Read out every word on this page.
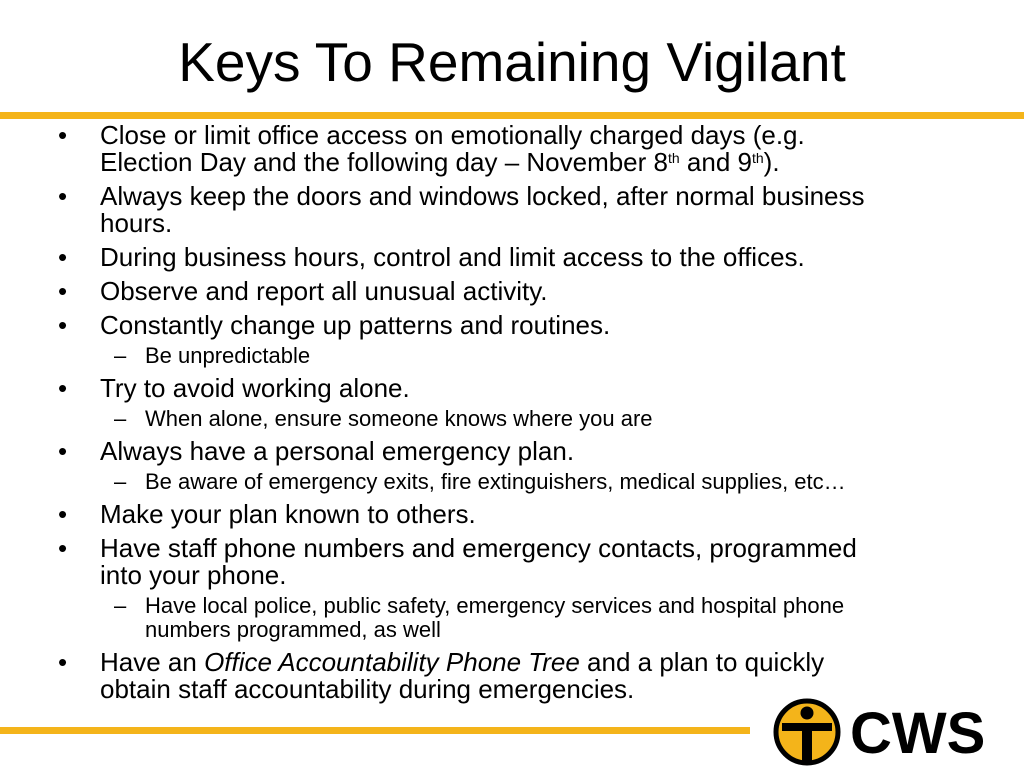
Keys To Remaining Vigilant
• Close or limit office access on emotionally charged days (e.g.
Election Day and the following day – November 8th and 9th).
• Always keep the doors and windows locked, after normal business
hours.
• During business hours, control and limit access to the offices.
• Observe and report all unusual activity.
• Constantly change up patterns and routines.
– Be unpredictable
• Try to avoid working alone.
– When alone, ensure someone knows where you are
• Always have a personal emergency plan.
– Be aware of emergency exits, fire extinguishers, medical supplies, etc…
• Make your plan known to others.
• Have staff phone numbers and emergency contacts, programmed
into your phone.
– Have local police, public safety, emergency services and hospital phone
numbers programmed, as well
• Have an Office Accountability Phone Tree and a plan to quickly
obtain staff accountability during emergencies.
CWS
